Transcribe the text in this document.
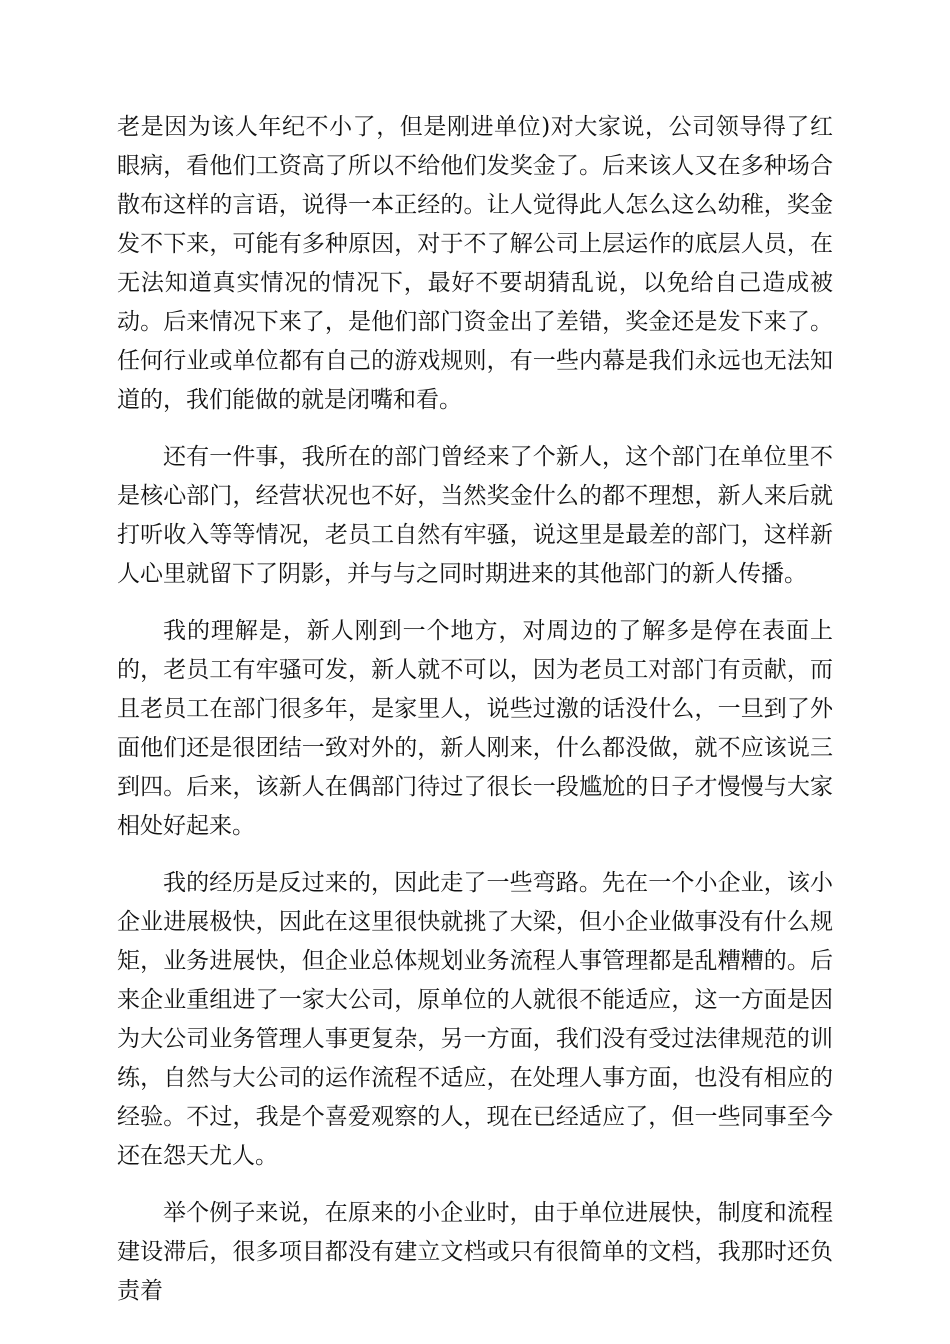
老是因为该人年纪不小了，但是刚进单位)对大家说，公司领导得了红眼病，看他们工资高了所以不给他们发奖金了。后来该人又在多种场合散布这样的言语，说得一本正经的。让人觉得此人怎么这么幼稚，奖金发不下来，可能有多种原因，对于不了解公司上层运作的底层人员，在无法知道真实情况的情况下，最好不要胡猜乱说，以免给自己造成被动。后来情况下来了，是他们部门资金出了差错，奖金还是发下来了。任何行业或单位都有自己的游戏规则，有一些内幕是我们永远也无法知道的，我们能做的就是闭嘴和看。

还有一件事，我所在的部门曾经来了个新人，这个部门在单位里不是核心部门，经营状况也不好，当然奖金什么的都不理想，新人来后就打听收入等等情况，老员工自然有牢骚，说这里是最差的部门，这样新人心里就留下了阴影，并与与之同时期进来的其他部门的新人传播。

我的理解是，新人刚到一个地方，对周边的了解多是停在表面上的，老员工有牢骚可发，新人就不可以，因为老员工对部门有贡献，而且老员工在部门很多年，是家里人，说些过激的话没什么，一旦到了外面他们还是很团结一致对外的，新人刚来，什么都没做，就不应该说三到四。后来，该新人在偶部门待过了很长一段尴尬的日子才慢慢与大家相处好起来。

我的经历是反过来的，因此走了一些弯路。先在一个小企业，该小企业进展极快，因此在这里很快就挑了大梁，但小企业做事没有什么规矩，业务进展快，但企业总体规划业务流程人事管理都是乱糟糟的。后来企业重组进了一家大公司，原单位的人就很不能适应，这一方面是因为大公司业务管理人事更复杂，另一方面，我们没有受过法律规范的训练，自然与大公司的运作流程不适应，在处理人事方面，也没有相应的经验。不过，我是个喜爱观察的人，现在已经适应了，但一些同事至今还在怨天尤人。

举个例子来说，在原来的小企业时，由于单位进展快，制度和流程建设滞后，很多项目都没有建立文档或只有很简单的文档，我那时还负责着
